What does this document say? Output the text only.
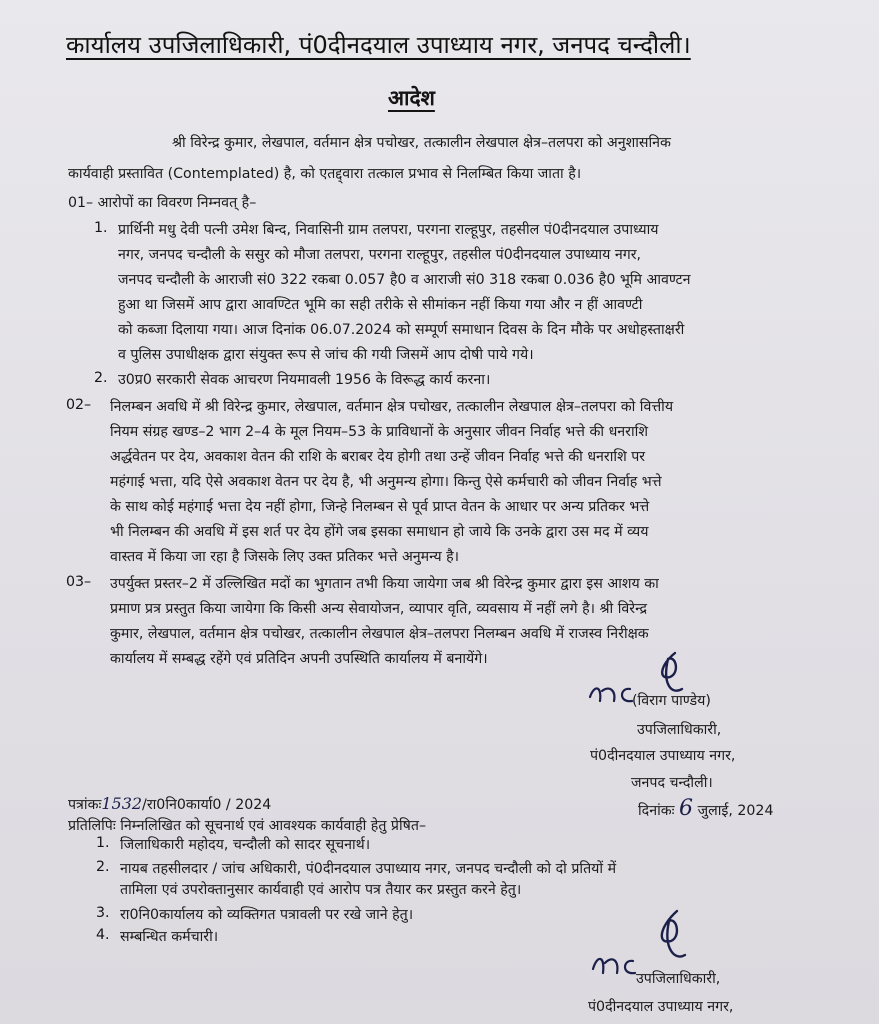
कार्यालय उपजिलाधिकारी, पं0दीनदयाल उपाध्याय नगर, जनपद चन्दौली।
आदेश
श्री विरेन्द्र कुमार, लेखपाल, वर्तमान क्षेत्र पचोखर, तत्कालीन लेखपाल क्षेत्र–तलपरा को अनुशासनिक
कार्यवाही प्रस्तावित (Contemplated) है, को एतद्द्वारा तत्काल प्रभाव से निलम्बित किया जाता है।
01– आरोपों का विवरण निम्नवत् है–
1. प्रार्थिनी मधु देवी पत्नी उमेश बिन्द, निवासिनी ग्राम तलपरा, परगना राल्हूपुर, तहसील पं0दीनदयाल उपाध्याय
नगर, जनपद चन्दौली के ससुर को मौजा तलपरा, परगना राल्हूपुर, तहसील पं0दीनदयाल उपाध्याय नगर,
जनपद चन्दौली के आराजी सं0 322 रकबा 0.057 है0 व आराजी सं0 318 रकबा 0.036 है0 भूमि आवण्टन
हुआ था जिसमें आप द्वारा आवण्टित भूमि का सही तरीके से सीमांकन नहीं किया गया और न हीं आवण्टी
को कब्जा दिलाया गया। आज दिनांक 06.07.2024 को सम्पूर्ण समाधान दिवस के दिन मौके पर अधोहस्ताक्षरी
व पुलिस उपाधीक्षक द्वारा संयुक्त रूप से जांच की गयी जिसमें आप दोषी पाये गये।
2. उ0प्र0 सरकारी सेवक आचरण नियमावली 1956 के विरूद्ध कार्य करना।
02– निलम्बन अवधि में श्री विरेन्द्र कुमार, लेखपाल, वर्तमान क्षेत्र पचोखर, तत्कालीन लेखपाल क्षेत्र–तलपरा को वित्तीय
नियम संग्रह खण्ड–2 भाग 2–4 के मूल नियम–53 के प्राविधानों के अनुसार जीवन निर्वाह भत्ते की धनराशि
अर्द्धवेतन पर देय, अवकाश वेतन की राशि के बराबर देय होगी तथा उन्हें जीवन निर्वाह भत्ते की धनराशि पर
महंगाई भत्ता, यदि ऐसे अवकाश वेतन पर देय है, भी अनुमन्य होगा। किन्तु ऐसे कर्मचारी को जीवन निर्वाह भत्ते
के साथ कोई महंगाई भत्ता देय नहीं होगा, जिन्हे निलम्बन से पूर्व प्राप्त वेतन के आधार पर अन्य प्रतिकर भत्ते
भी निलम्बन की अवधि में इस शर्त पर देय होंगे जब इसका समाधान हो जाये कि उनके द्वारा उस मद में व्यय
वास्तव में किया जा रहा है जिसके लिए उक्त प्रतिकर भत्ते अनुमन्य है।
03– उपर्युक्त प्रस्तर–2 में उल्लिखित मदों का भुगतान तभी किया जायेगा जब श्री विरेन्द्र कुमार द्वारा इस आशय का
प्रमाण प्रत्र प्रस्तुत किया जायेगा कि किसी अन्य सेवायोजन, व्यापार वृति, व्यवसाय में नहीं लगे है। श्री विरेन्द्र
कुमार, लेखपाल, वर्तमान क्षेत्र पचोखर, तत्कालीन लेखपाल क्षेत्र–तलपरा निलम्बन अवधि में राजस्व निरीक्षक
कार्यालय में सम्बद्ध रहेंगे एवं प्रतिदिन अपनी उपस्थिति कार्यालय में बनायेंगे।
(विराग पाण्डेय)
उपजिलाधिकारी,
पं0दीनदयाल उपाध्याय नगर,
जनपद चन्दौली।
पत्रांकः1532/रा0नि0कार्या0 / 2024	दिनांकः 6 जुलाई, 2024
प्रतिलिपिः निम्नलिखित को सूचनार्थ एवं आवश्यक कार्यवाही हेतु प्रेषित–
1. जिलाधिकारी महोदय, चन्दौली को सादर सूचनार्थ।
2. नायब तहसीलदार / जांच अधिकारी, पं0दीनदयाल उपाध्याय नगर, जनपद चन्दौली को दो प्रतियों में
तामिला एवं उपरोक्तानुसार कार्यवाही एवं आरोप पत्र तैयार कर प्रस्तुत करने हेतु।
3. रा0नि0कार्यालय को व्यक्तिगत पत्रावली पर रखे जाने हेतु।
4. सम्बन्धित कर्मचारी।
उपजिलाधिकारी,
पं0दीनदयाल उपाध्याय नगर,
